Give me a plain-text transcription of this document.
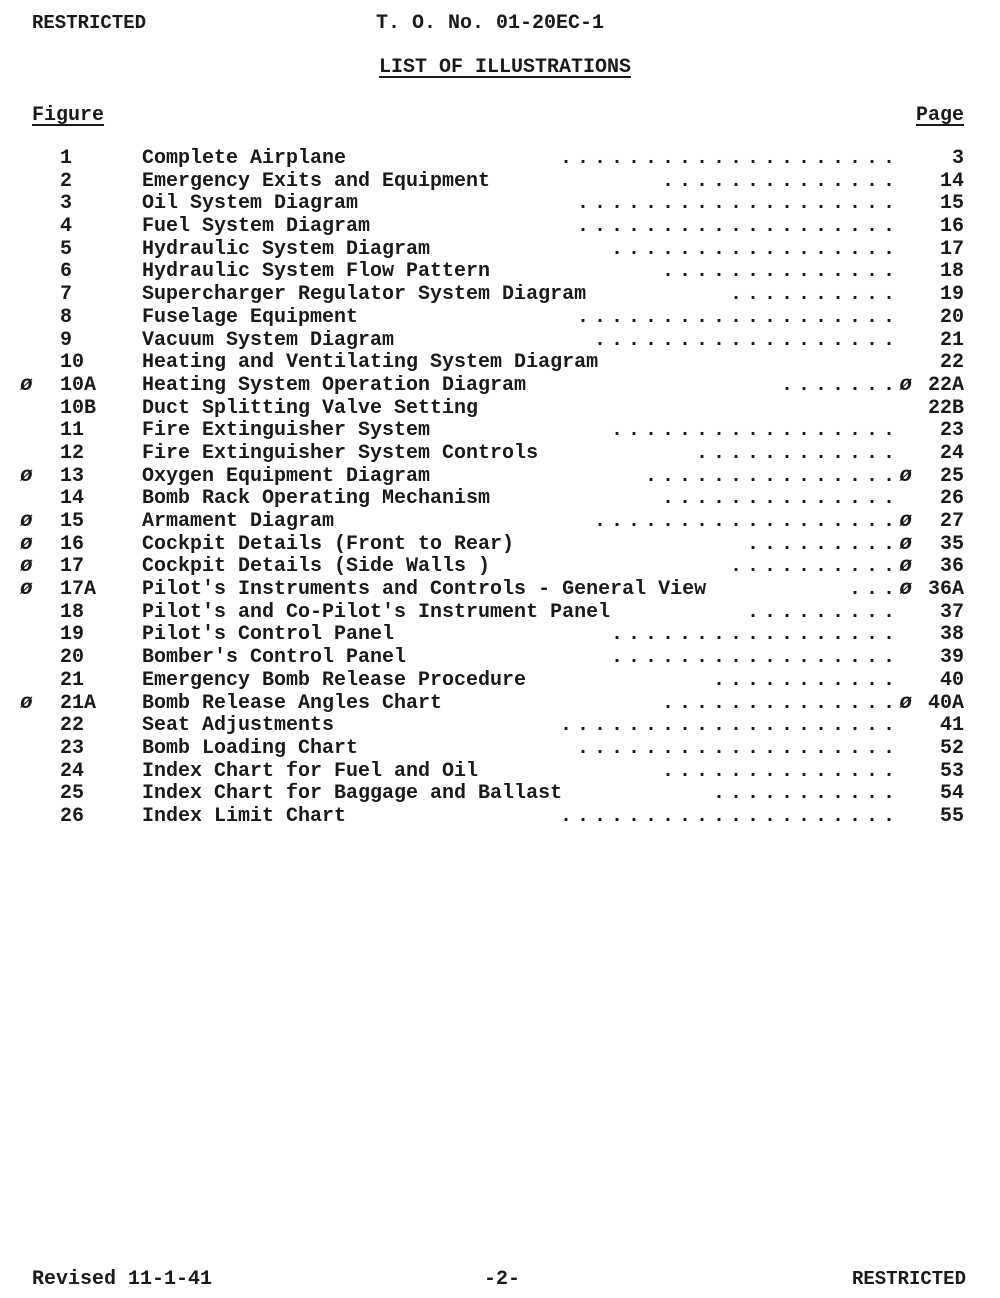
RESTRICTED	T. O. No. 01-20EC-1
LIST OF ILLUSTRATIONS
Figure	Page
1	Complete Airplane	....................	3
2	Emergency Exits and Equipment	..............	14
3	Oil System Diagram	...................	15
4	Fuel System Diagram	...................	16
5	Hydraulic System Diagram	.................	17
6	Hydraulic System Flow Pattern	..............	18
7	Supercharger Regulator System Diagram	..........	19
8	Fuselage Equipment	...................	20
9	Vacuum System Diagram	..................	21
10	Heating and Ventilating System Diagram	22
ø 10A Heating System Operation Diagram	....... ø 22A
10B Duct Splitting Valve Setting	22B
11	Fire Extinguisher System	.................	23
12	Fire Extinguisher System Controls	............	24
ø 13	Oxygen Equipment Diagram	............... ø	25
14	Bomb Rack Operating Mechanism	..............	26
ø 15	Armament Diagram	.................. ø	27
ø 16	Cockpit Details (Front to Rear)	......... ø	35
ø 17	Cockpit Details (Side Walls )	.......... ø	36
ø 17A Pilot's Instruments and Controls - General View	... ø 36A
18	Pilot's and Co-Pilot's Instrument Panel	.........	37
19	Pilot's Control Panel	.................	38
20	Bomber's Control Panel	.................	39
21	Emergency Bomb Release Procedure	...........	40
ø 21A Bomb Release Angles Chart	.............. ø 40A
22	Seat Adjustments	....................	41
23	Bomb Loading Chart	...................	52
24	Index Chart for Fuel and Oil	..............	53
25	Index Chart for Baggage and Ballast	...........	54
26	Index Limit Chart	....................	55
Revised 11-1-41	-2-	RESTRICTED
